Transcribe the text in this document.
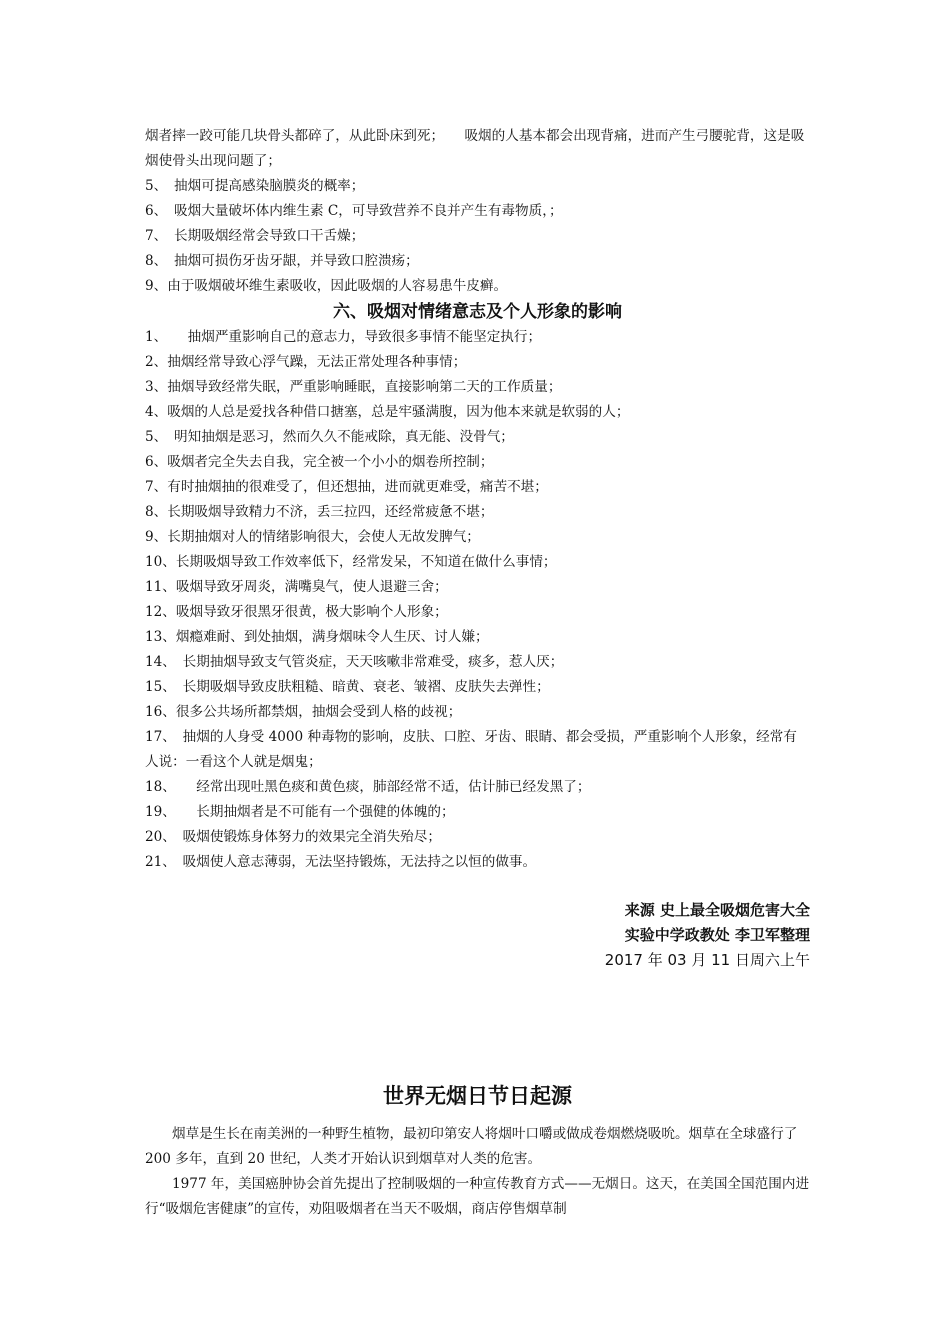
烟者摔一跤可能几块骨头都碎了，从此卧床到死；　　吸烟的人基本都会出现背痛，进而产生弓腰驼背，这是吸烟使骨头出现问题了；
5、　抽烟可提高感染脑膜炎的概率；
6、　吸烟大量破坏体内维生素 C，可导致营养不良并产生有毒物质，；
7、　长期吸烟经常会导致口干舌燥；
8、　抽烟可损伤牙齿牙龈，并导致口腔溃疡；
9、由于吸烟破坏维生素吸收，因此吸烟的人容易患牛皮癣。
六、吸烟对情绪意志及个人形象的影响
1、　　抽烟严重影响自己的意志力，导致很多事情不能坚定执行；
2、抽烟经常导致心浮气躁，无法正常处理各种事情；
3、抽烟导致经常失眠，严重影响睡眠，直接影响第二天的工作质量；
4、吸烟的人总是爱找各种借口搪塞，总是牢骚满腹，因为他本来就是软弱的人；
5、　明知抽烟是恶习，然而久久不能戒除，真无能、没骨气；
6、吸烟者完全失去自我，完全被一个小小的烟卷所控制；
7、有时抽烟抽的很难受了，但还想抽，进而就更难受，痛苦不堪；
8、长期吸烟导致精力不济，丢三拉四，还经常疲惫不堪；
9、长期抽烟对人的情绪影响很大，会使人无故发脾气；
10、长期吸烟导致工作效率低下，经常发呆，不知道在做什么事情；
11、吸烟导致牙周炎，满嘴臭气，使人退避三舍；
12、吸烟导致牙很黑牙很黄，极大影响个人形象；
13、烟瘾难耐、到处抽烟，满身烟味令人生厌、讨人嫌；
14、　长期抽烟导致支气管炎症，天天咳嗽非常难受，痰多，惹人厌；
15、　长期吸烟导致皮肤粗糙、暗黄、衰老、皱褶、皮肤失去弹性；
16、很多公共场所都禁烟，抽烟会受到人格的歧视；
17、　抽烟的人身受 4000 种毒物的影响，皮肤、口腔、牙齿、眼睛、都会受损，严重影响个人形象，经常有人说：一看这个人就是烟鬼；
18、　　经常出现吐黑色痰和黄色痰，肺部经常不适，估计肺已经发黑了；
19、　　长期抽烟者是不可能有一个强健的体魄的；
20、　吸烟使锻炼身体努力的效果完全消失殆尽；
21、　吸烟使人意志薄弱，无法坚持锻炼，无法持之以恒的做事。
来源 史上最全吸烟危害大全
实验中学政教处 李卫军整理
2017 年 03 月 11 日周六上午
世界无烟日节日起源
烟草是生长在南美洲的一种野生植物，最初印第安人将烟叶口嚼或做成卷烟燃烧吸吮。烟草在全球盛行了 200 多年，直到 20 世纪，人类才开始认识到烟草对人类的危害。
1977 年，美国癌肿协会首先提出了控制吸烟的一种宣传教育方式——无烟日。这天，在美国全国范围内进行“吸烟危害健康”的宣传，劝阻吸烟者在当天不吸烟，商店停售烟草制
